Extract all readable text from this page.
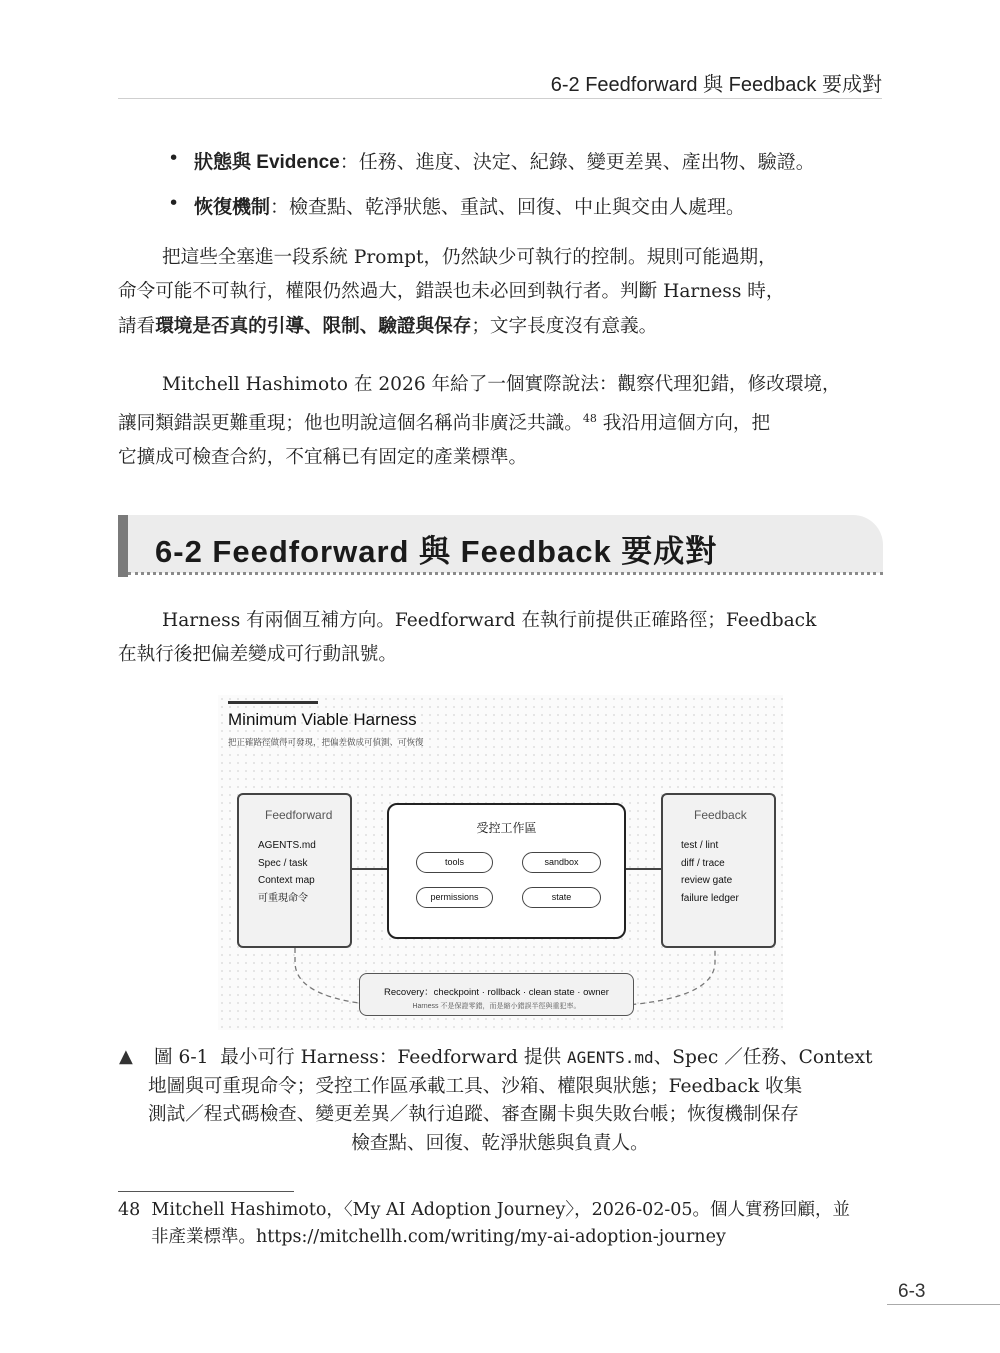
6-2 Feedforward 與 Feedback 要成對
• 狀態與 Evidence：任務、進度、決定、紀錄、變更差異、產出物、驗證。
• 恢復機制：檢查點、乾淨狀態、重試、回復、中止與交由人處理。

把這些全塞進一段系統 Prompt，仍然缺少可執行的控制。規則可能過期，

命令可能不可執行，權限仍然過大，錯誤也未必回到執行者。判斷 Harness 時，

請看環境是否真的引導、限制、驗證與保存；文字長度沒有意義。

Mitchell Hashimoto 在 2026 年給了一個實際說法：觀察代理犯錯，修改環境，

讓同類錯誤更難重現；他也明說這個名稱尚非廣泛共識。$^{48}$ 我沿用這個方向，把

它擴成可檢查合約，不宜稱已有固定的產業標準。

6-2 Feedforward 與 Feedback 要成對

Harness 有兩個互補方向。Feedforward 在執行前提供正確路徑；Feedback

在執行後把偏差變成可行動訊號。

Minimum Viable Harness
把正確路徑做得可發現，把偏差做成可偵測、可恢復
Feedforward
AGENTS.md
Spec / task
Context map
可重現命令
受控工作區
tools	sandbox
permissions	state
Feedback
test / lint
diff / trace
review gate
failure ledger
Recovery：checkpoint · rollback · clean state · owner
Harness 不是保證零錯，而是縮小錯誤半徑與重犯率。
▲	圖 6-1 最小可行 Harness：Feedforward 提供 AGENTS.md、Spec ／任務、Context

地圖與可重現命令；受控工作區承載工具、沙箱、權限與狀態；Feedback 收集

測試／程式碼檢查、變更差異／執行追蹤、審查關卡與失敗台帳；恢復機制保存

檢查點、回復、乾淨狀態與負責人。

48 Mitchell Hashimoto，〈My AI Adoption Journey〉，2026-02-05。個人實務回顧，並

非產業標準。https://mitchellh.com/writing/my-ai-adoption-journey

6-3
